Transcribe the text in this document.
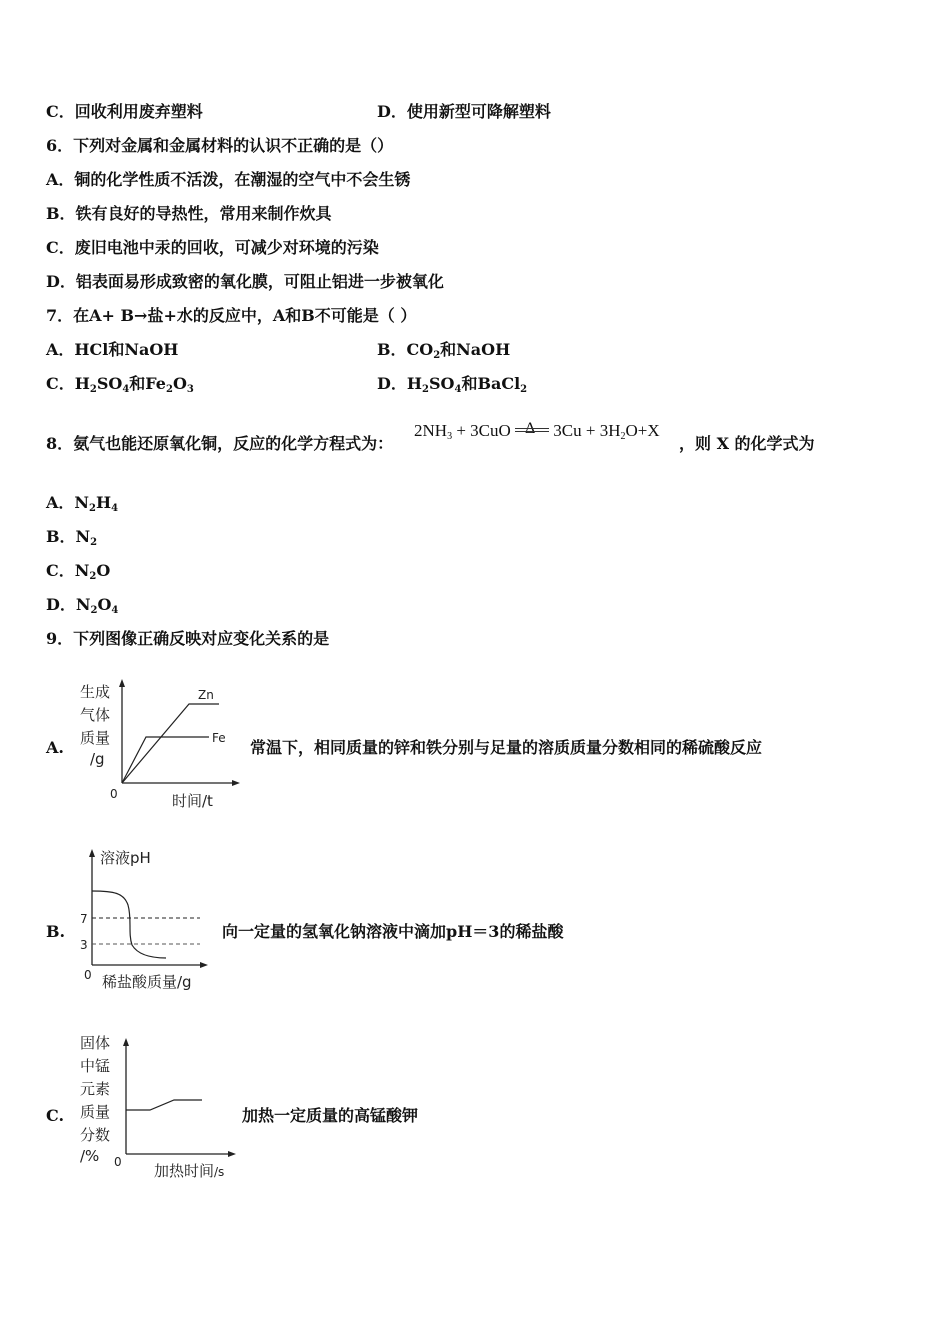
C．回收利用废弃塑料	D．使用新型可降解塑料
6．下列对金属和金属材料的认识不正确的是（）
A．铜的化学性质不活泼，在潮湿的空气中不会生锈
B．铁有良好的导热性，常用来制作炊具
C．废旧电池中汞的回收，可减少对环境的污染
D．铝表面易形成致密的氧化膜，可阻止铝进一步被氧化
7．在A+ B→盐+水的反应中，A和B不可能是（ ）
A．HCl和NaOH	B．$CO_2$和NaOH
C．$H_2SO_4$和$Fe_2O_3$	D．$H_2SO_4$和BaCl$_2$
8．氨气也能还原氧化铜，反应的化学方程式为：
$2NH_3 + 3CuO$ Δ $3Cu + 3H_2O+X$
，则 X 的化学式为
A．$N_2H_4$
B．$N_2$
C．$N_2O$
D．$N_2O_4$
9．下列图像正确反映对应变化关系的是
A.
生成
气体
质量
/g
0	时间/t
Zn
Fe 常温下，相同质量的锌和铁分别与足量的溶质质量分数相同的稀硫酸反应
B.
溶液pH
7
3
0 稀盐酸质量/g
向一定量的氢氧化钠溶液中滴加pH＝3的稀盐酸
C.
固体
中锰
元素
质量
分数
/% 0 加热时间/s
加热一定质量的高锰酸钾
